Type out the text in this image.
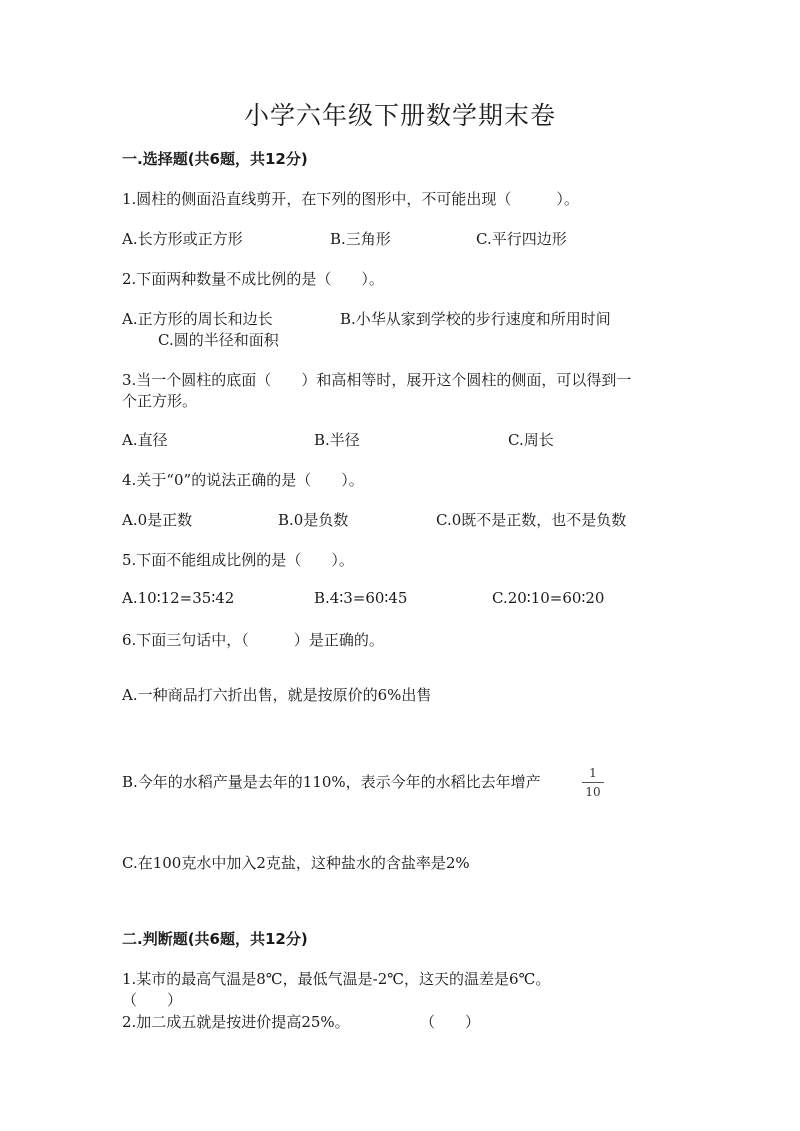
小学六年级下册数学期末卷
一.选择题(共6题，共12分)
1.圆柱的侧面沿直线剪开，在下列的图形中，不可能出现（　　　）。
A.长方形或正方形	B.三角形	C.平行四边形
2.下面两种数量不成比例的是（　　）。
A.正方形的周长和边长	B.小华从家到学校的步行速度和所用时间
C.圆的半径和面积
3.当一个圆柱的底面（　　）和高相等时，展开这个圆柱的侧面，可以得到一
个正方形。
A.直径	B.半径	C.周长
4.关于“0”的说法正确的是（　　）。
A.0是正数	B.0是负数	C.0既不是正数，也不是负数
5.下面不能组成比例的是（　　）。
A.10∶12=35∶42	B.4∶3=60∶45	C.20∶10=60∶20
6.下面三句话中，（　　　）是正确的。
A.一种商品打六折出售，就是按原价的6%出售
B.今年的水稻产量是去年的110%，表示今年的水稻比去年增产	1
10
C.在100克水中加入2克盐，这种盐水的含盐率是2%
二.判断题(共6题，共12分)
1.某市的最高气温是8℃，最低气温是-2℃，这天的温差是6℃。
（　　）
2.加二成五就是按进价提高25%。	（　　）
